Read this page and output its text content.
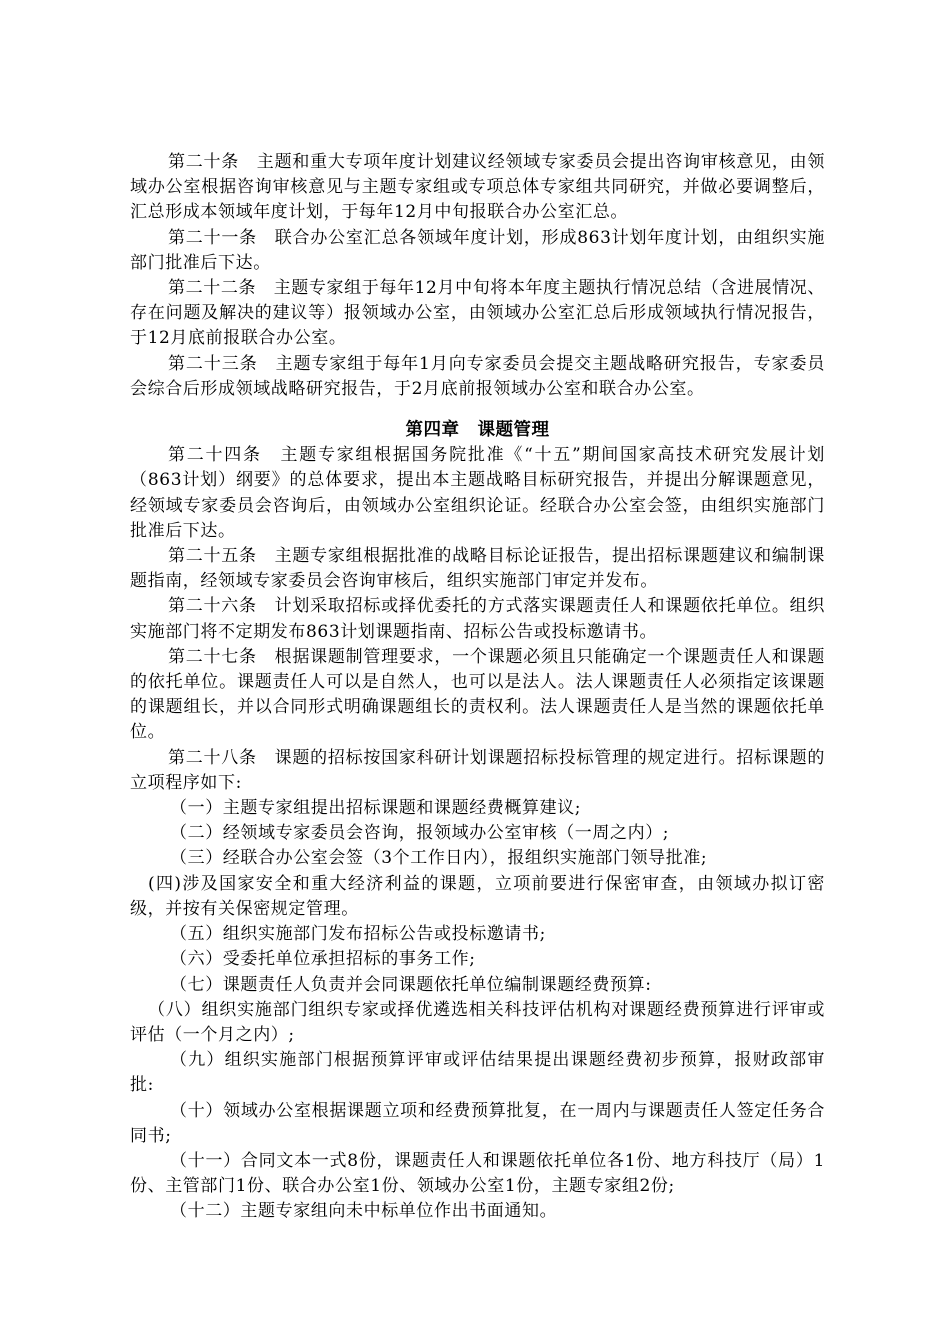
第二十条　主题和重大专项年度计划建议经领域专家委员会提出咨询审核意见，由领域办公室根据咨询审核意见与主题专家组或专项总体专家组共同研究，并做必要调整后，汇总形成本领域年度计划，于每年12月中旬报联合办公室汇总。

第二十一条　联合办公室汇总各领域年度计划，形成863计划年度计划，由组织实施部门批准后下达。

第二十二条　主题专家组于每年12月中旬将本年度主题执行情况总结（含进展情况、存在问题及解决的建议等）报领域办公室，由领域办公室汇总后形成领域执行情况报告，于12月底前报联合办公室。

第二十三条　主题专家组于每年1月向专家委员会提交主题战略研究报告，专家委员会综合后形成领域战略研究报告，于2月底前报领域办公室和联合办公室。

第四章　课题管理

第二十四条　主题专家组根据国务院批准《“十五”期间国家高技术研究发展计划（863计划）纲要》的总体要求，提出本主题战略目标研究报告，并提出分解课题意见，经领域专家委员会咨询后，由领域办公室组织论证。经联合办公室会签，由组织实施部门批准后下达。

第二十五条　主题专家组根据批准的战略目标论证报告，提出招标课题建议和编制课题指南，经领域专家委员会咨询审核后，组织实施部门审定并发布。

第二十六条　计划采取招标或择优委托的方式落实课题责任人和课题依托单位。组织实施部门将不定期发布863计划课题指南、招标公告或投标邀请书。

第二十七条　根据课题制管理要求，一个课题必须且只能确定一个课题责任人和课题的依托单位。课题责任人可以是自然人，也可以是法人。法人课题责任人必须指定该课题的课题组长，并以合同形式明确课题组长的责权利。法人课题责任人是当然的课题依托单位。

第二十八条　课题的招标按国家科研计划课题招标投标管理的规定进行。招标课题的立项程序如下:

（一）主题专家组提出招标课题和课题经费概算建议;

（二）经领域专家委员会咨询，报领域办公室审核（一周之内）;

（三）经联合办公室会签（3个工作日内），报组织实施部门领导批准;

(四)涉及国家安全和重大经济利益的课题，立项前要进行保密审查，由领域办拟订密级，并按有关保密规定管理。

（五）组织实施部门发布招标公告或投标邀请书;

（六）受委托单位承担招标的事务工作;

（七）课题责任人负责并会同课题依托单位编制课题经费预算:

（八）组织实施部门组织专家或择优遴选相关科技评估机构对课题经费预算进行评审或评估（一个月之内）;

（九）组织实施部门根据预算评审或评估结果提出课题经费初步预算，报财政部审批:

（十）领域办公室根据课题立项和经费预算批复，在一周内与课题责任人签定任务合同书;

（十一）合同文本一式8份，课题责任人和课题依托单位各1份、地方科技厅（局）1份、主管部门1份、联合办公室1份、领域办公室1份，主题专家组2份;

（十二）主题专家组向未中标单位作出书面通知。
